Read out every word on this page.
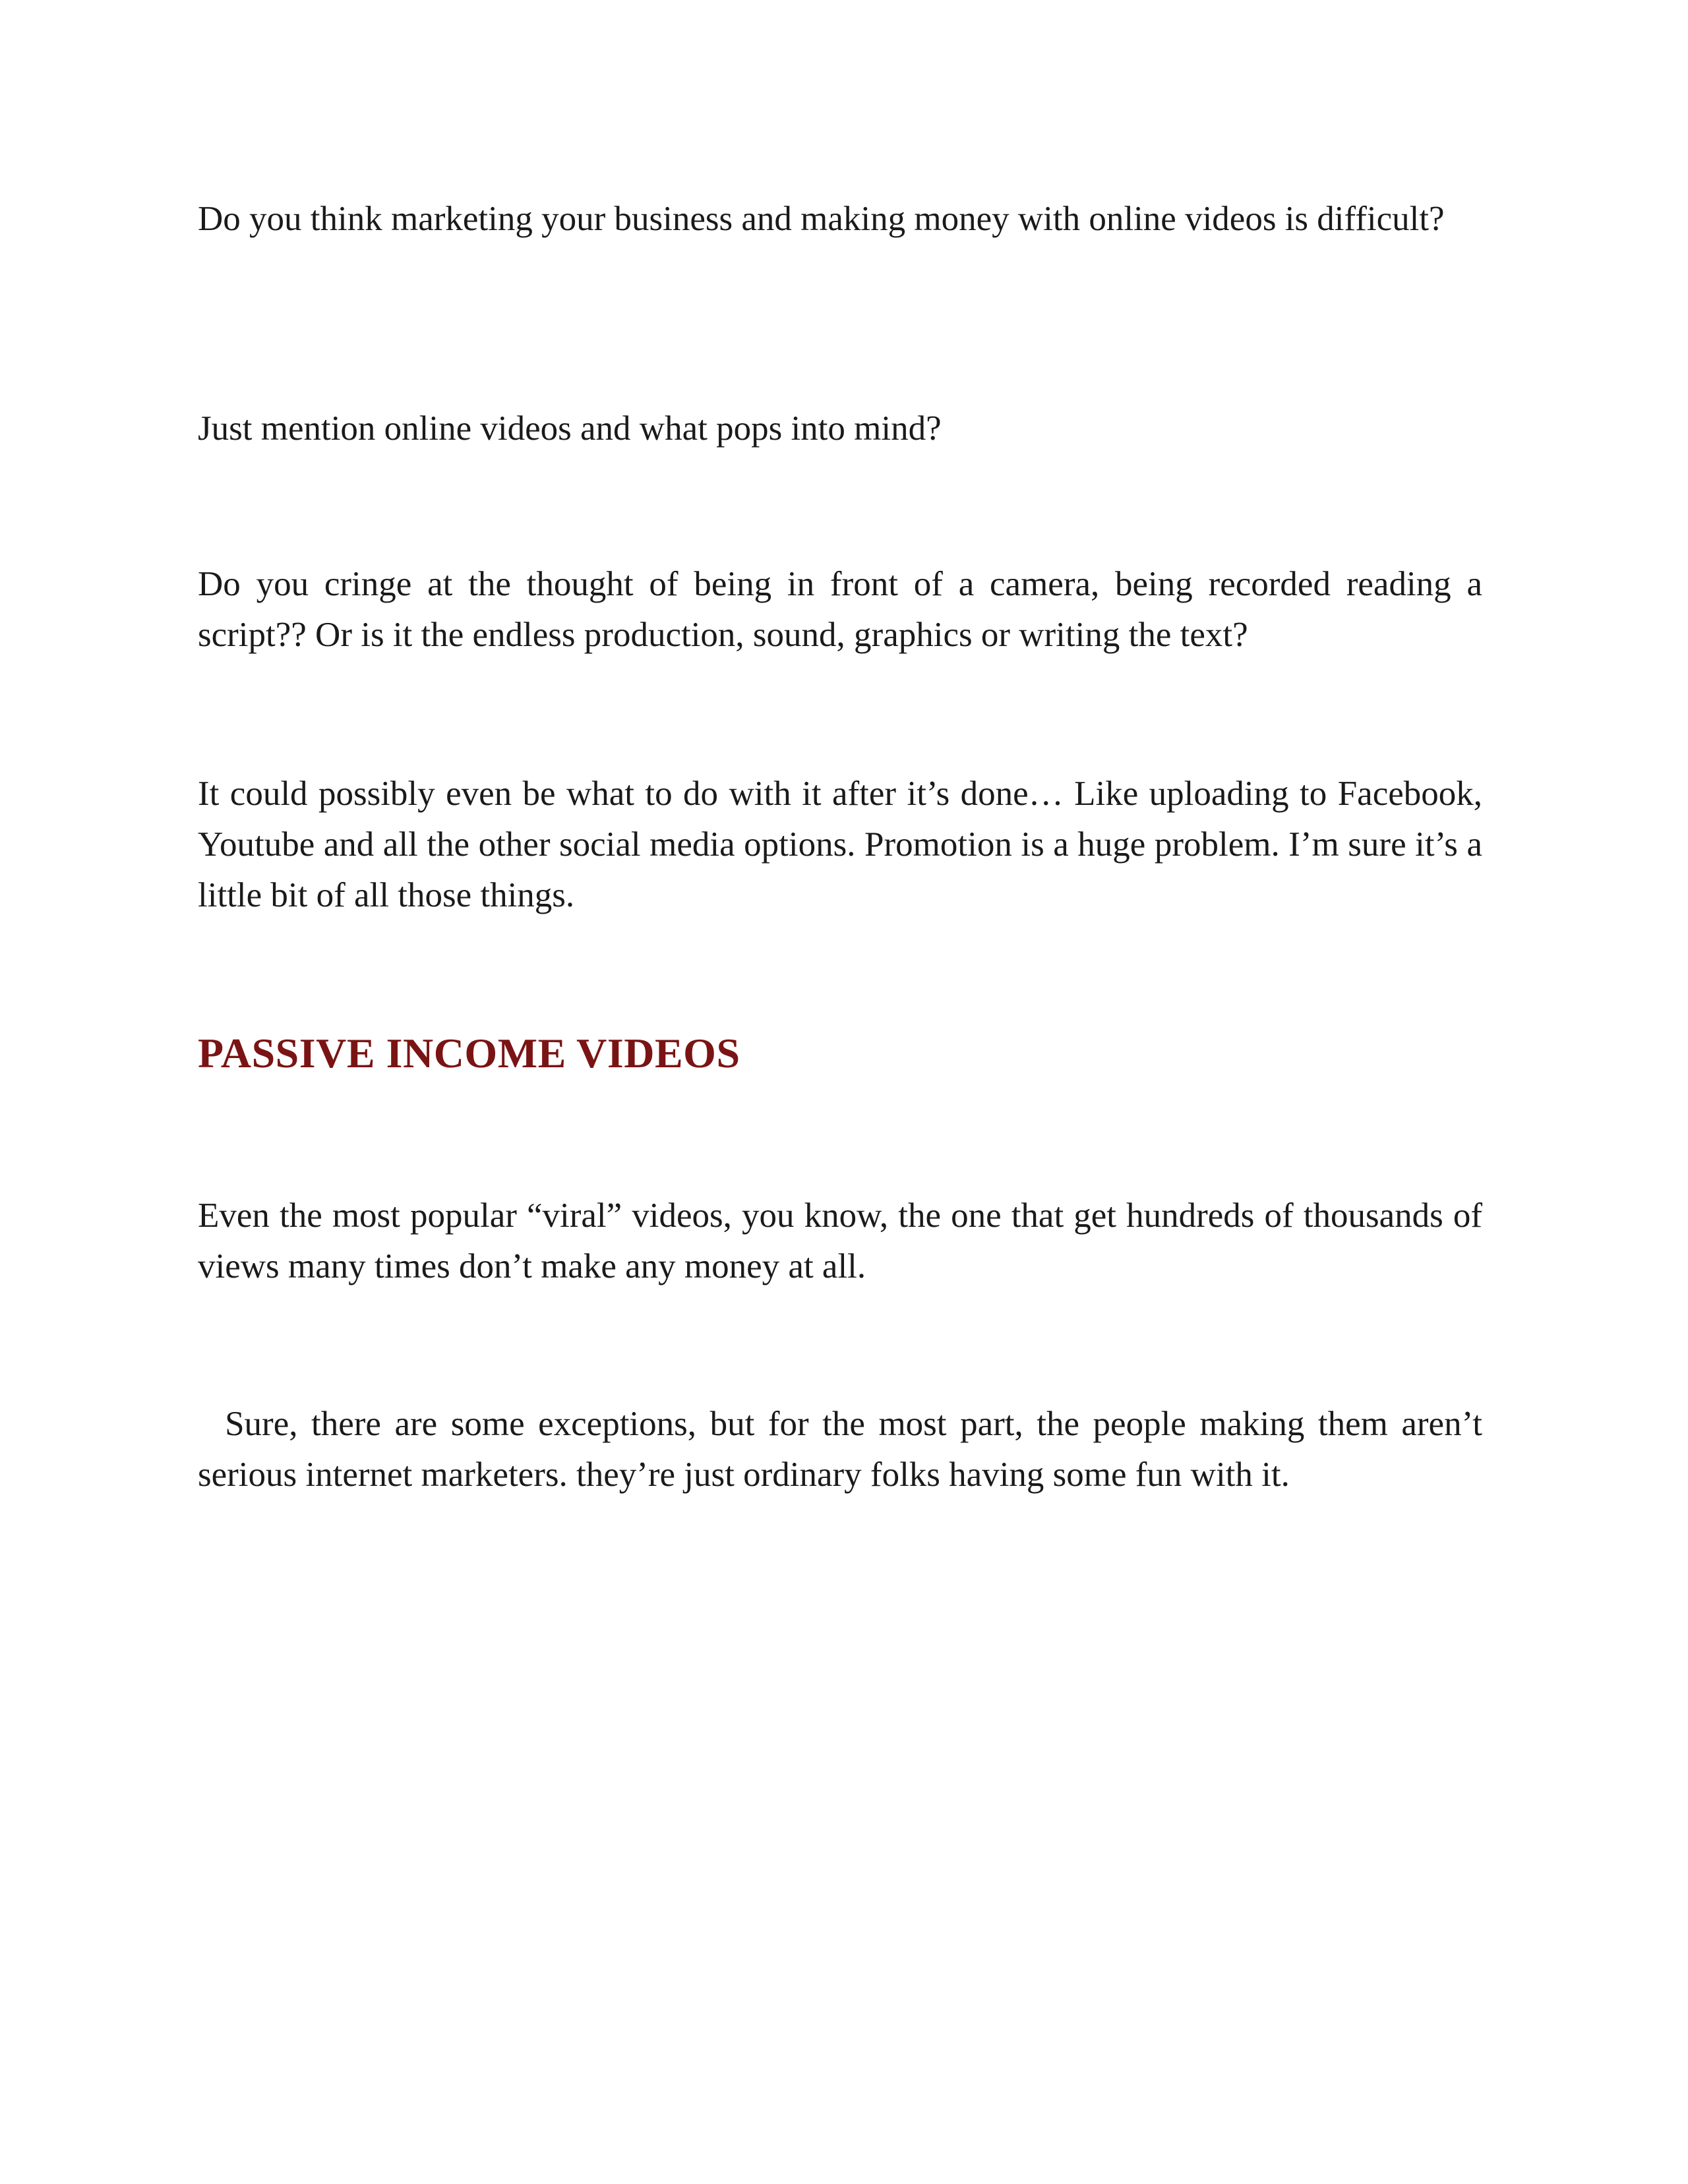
Do you think marketing your business and making money with online videos is difficult?

Just mention online videos and what pops into mind?

Do you cringe at the thought of being in front of a camera, being recorded reading a script?? Or is it the endless production, sound, graphics or writing the text?

It could possibly even be what to do with it after it’s done… Like uploading to Facebook, Youtube and all the other social media options. Promotion is a huge problem. I’m sure it’s a little bit of all those things.

PASSIVE INCOME VIDEOS

Even the most popular “viral” videos, you know, the one that get hundreds of thousands of views many times don’t make any money at all.

Sure, there are some exceptions, but for the most part, the people making them aren’t serious internet marketers. they’re just ordinary folks having some fun with it.
